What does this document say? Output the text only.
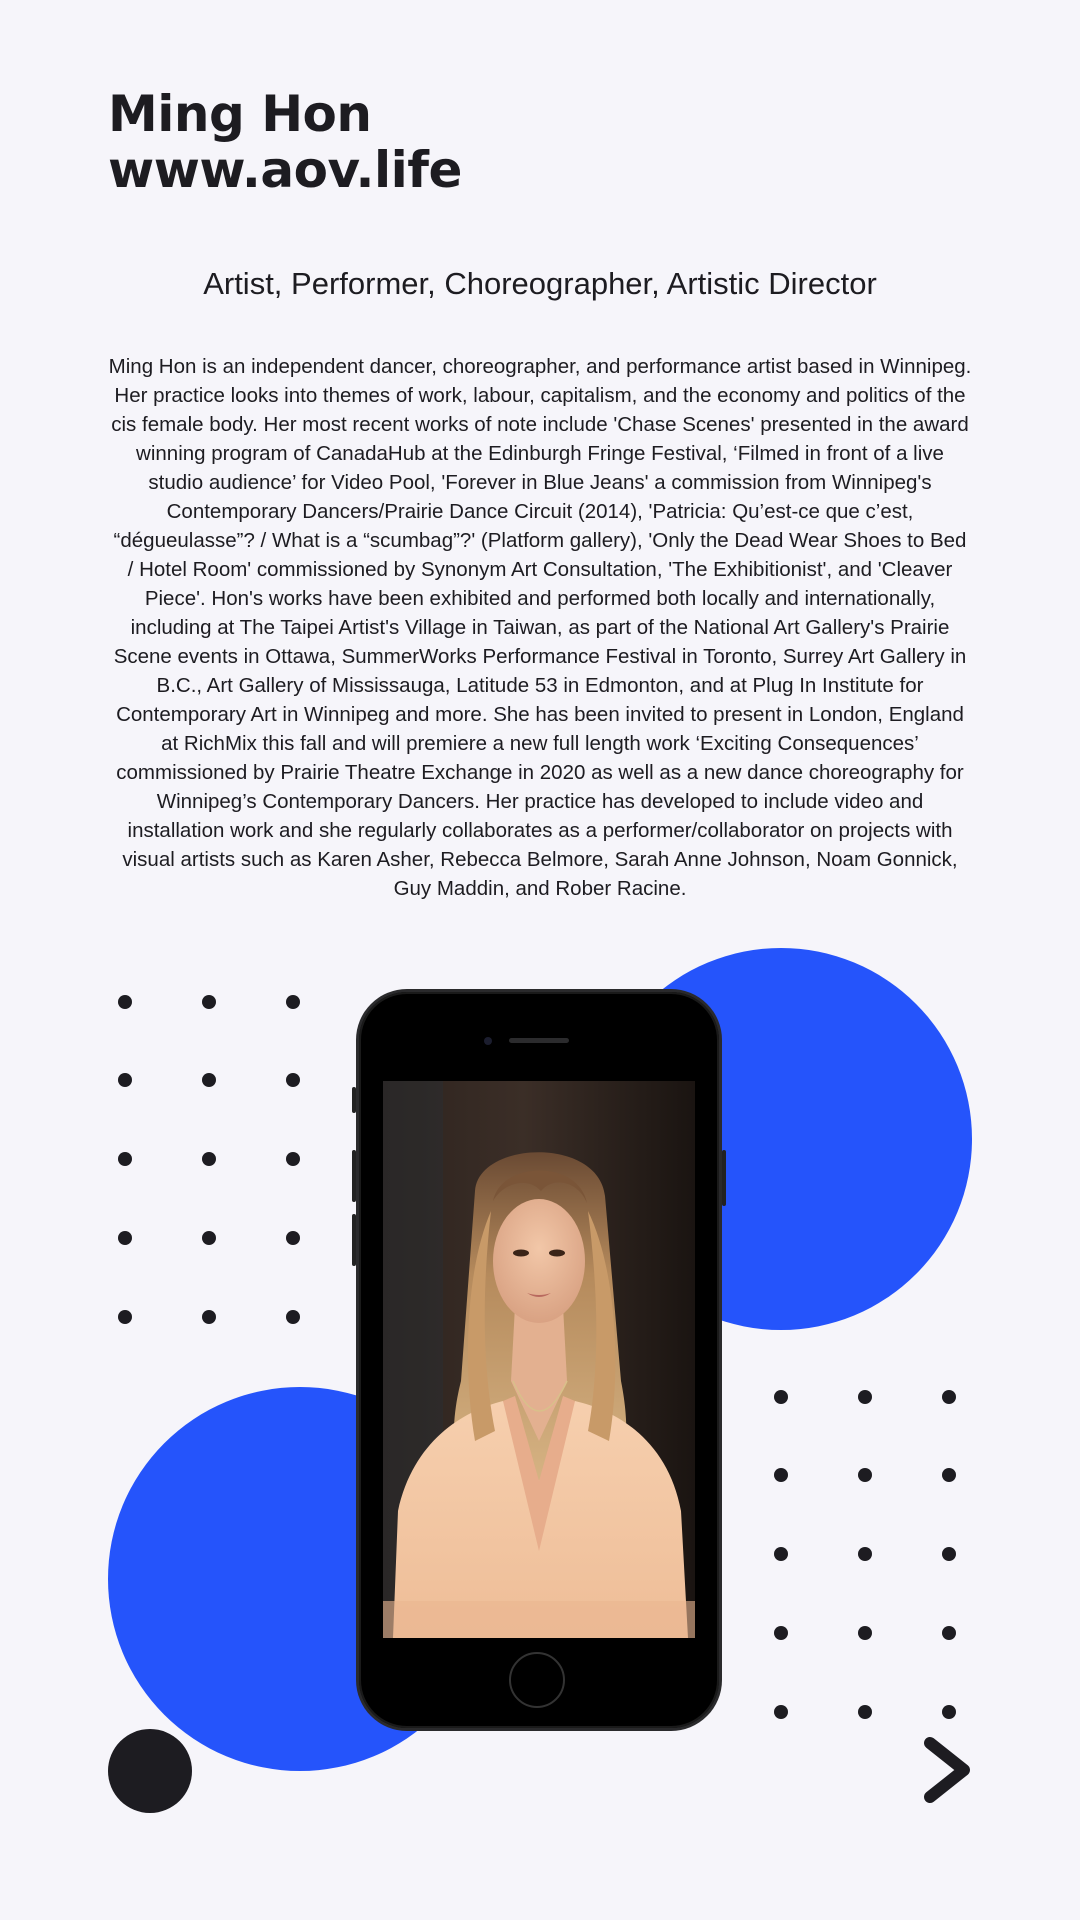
Ming Hon
www.aov.life
Artist, Performer, Choreographer, Artistic Director

Ming Hon is an independent dancer, choreographer, and performance artist based in Winnipeg. Her practice looks into themes of work, labour, capitalism, and the economy and politics of the cis female body. Her most recent works of note include 'Chase Scenes' presented in the award winning program of CanadaHub at the Edinburgh Fringe Festival, ‘Filmed in front of a live studio audience’ for Video Pool, 'Forever in Blue Jeans' a commission from Winnipeg's Contemporary Dancers/Prairie Dance Circuit (2014), 'Patricia: Qu’est-ce que c’est, “dégueulasse”? / What is a “scumbag”?' (Platform gallery), 'Only the Dead Wear Shoes to Bed / Hotel Room' commissioned by Synonym Art Consultation, 'The Exhibitionist', and 'Cleaver Piece'. Hon's works have been exhibited and performed both locally and internationally, including at The Taipei Artist's Village in Taiwan, as part of the National Art Gallery's Prairie Scene events in Ottawa, SummerWorks Performance Festival in Toronto, Surrey Art Gallery in B.C., Art Gallery of Mississauga, Latitude 53 in Edmonton, and at Plug In Institute for Contemporary Art in Winnipeg and more. She has been invited to present in London, England at RichMix this fall and will premiere a new full length work ‘Exciting Consequences’ commissioned by Prairie Theatre Exchange in 2020 as well as a new dance choreography for Winnipeg’s Contemporary Dancers. Her practice has developed to include video and installation work and she regularly collaborates as a performer/collaborator on projects with visual artists such as Karen Asher, Rebecca Belmore, Sarah Anne Johnson, Noam Gonnick, Guy Maddin, and Rober Racine.
